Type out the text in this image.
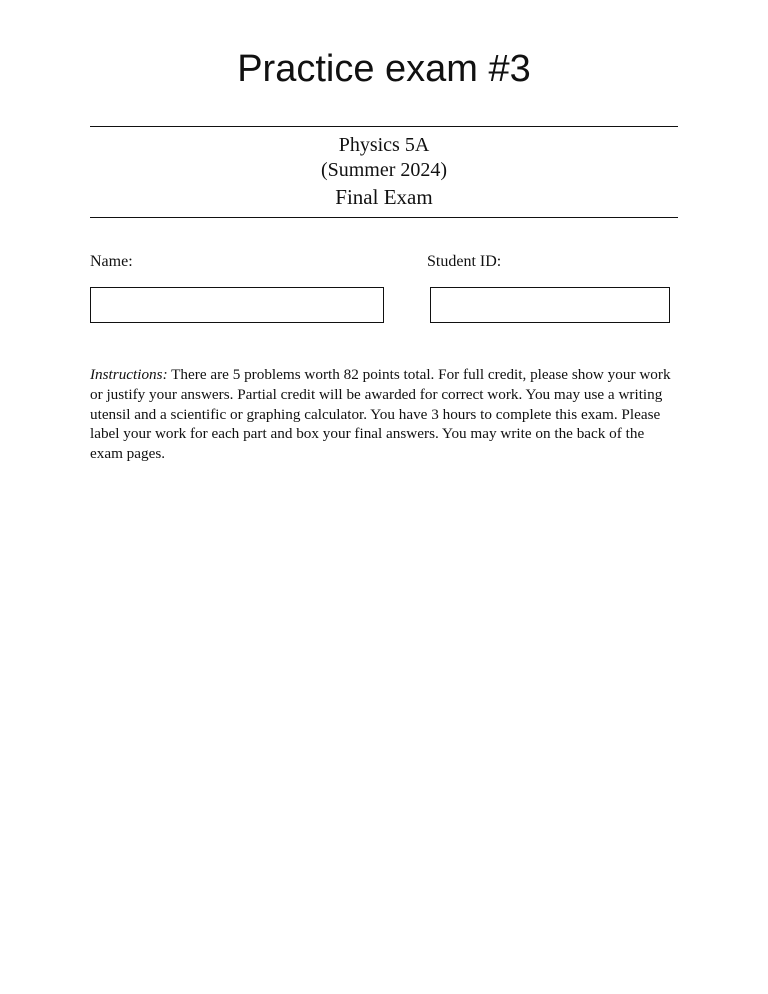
Practice exam #3
Physics 5A
(Summer 2024)
Final Exam
Name:	Student ID:
Instructions: There are 5 problems worth 82 points total. For full credit, please show your work or justify your answers. Partial credit will be awarded for correct work. You may use a writing utensil and a scientific or graphing calculator. You have 3 hours to complete this exam. Please label your work for each part and box your final answers. You may write on the back of the exam pages.
